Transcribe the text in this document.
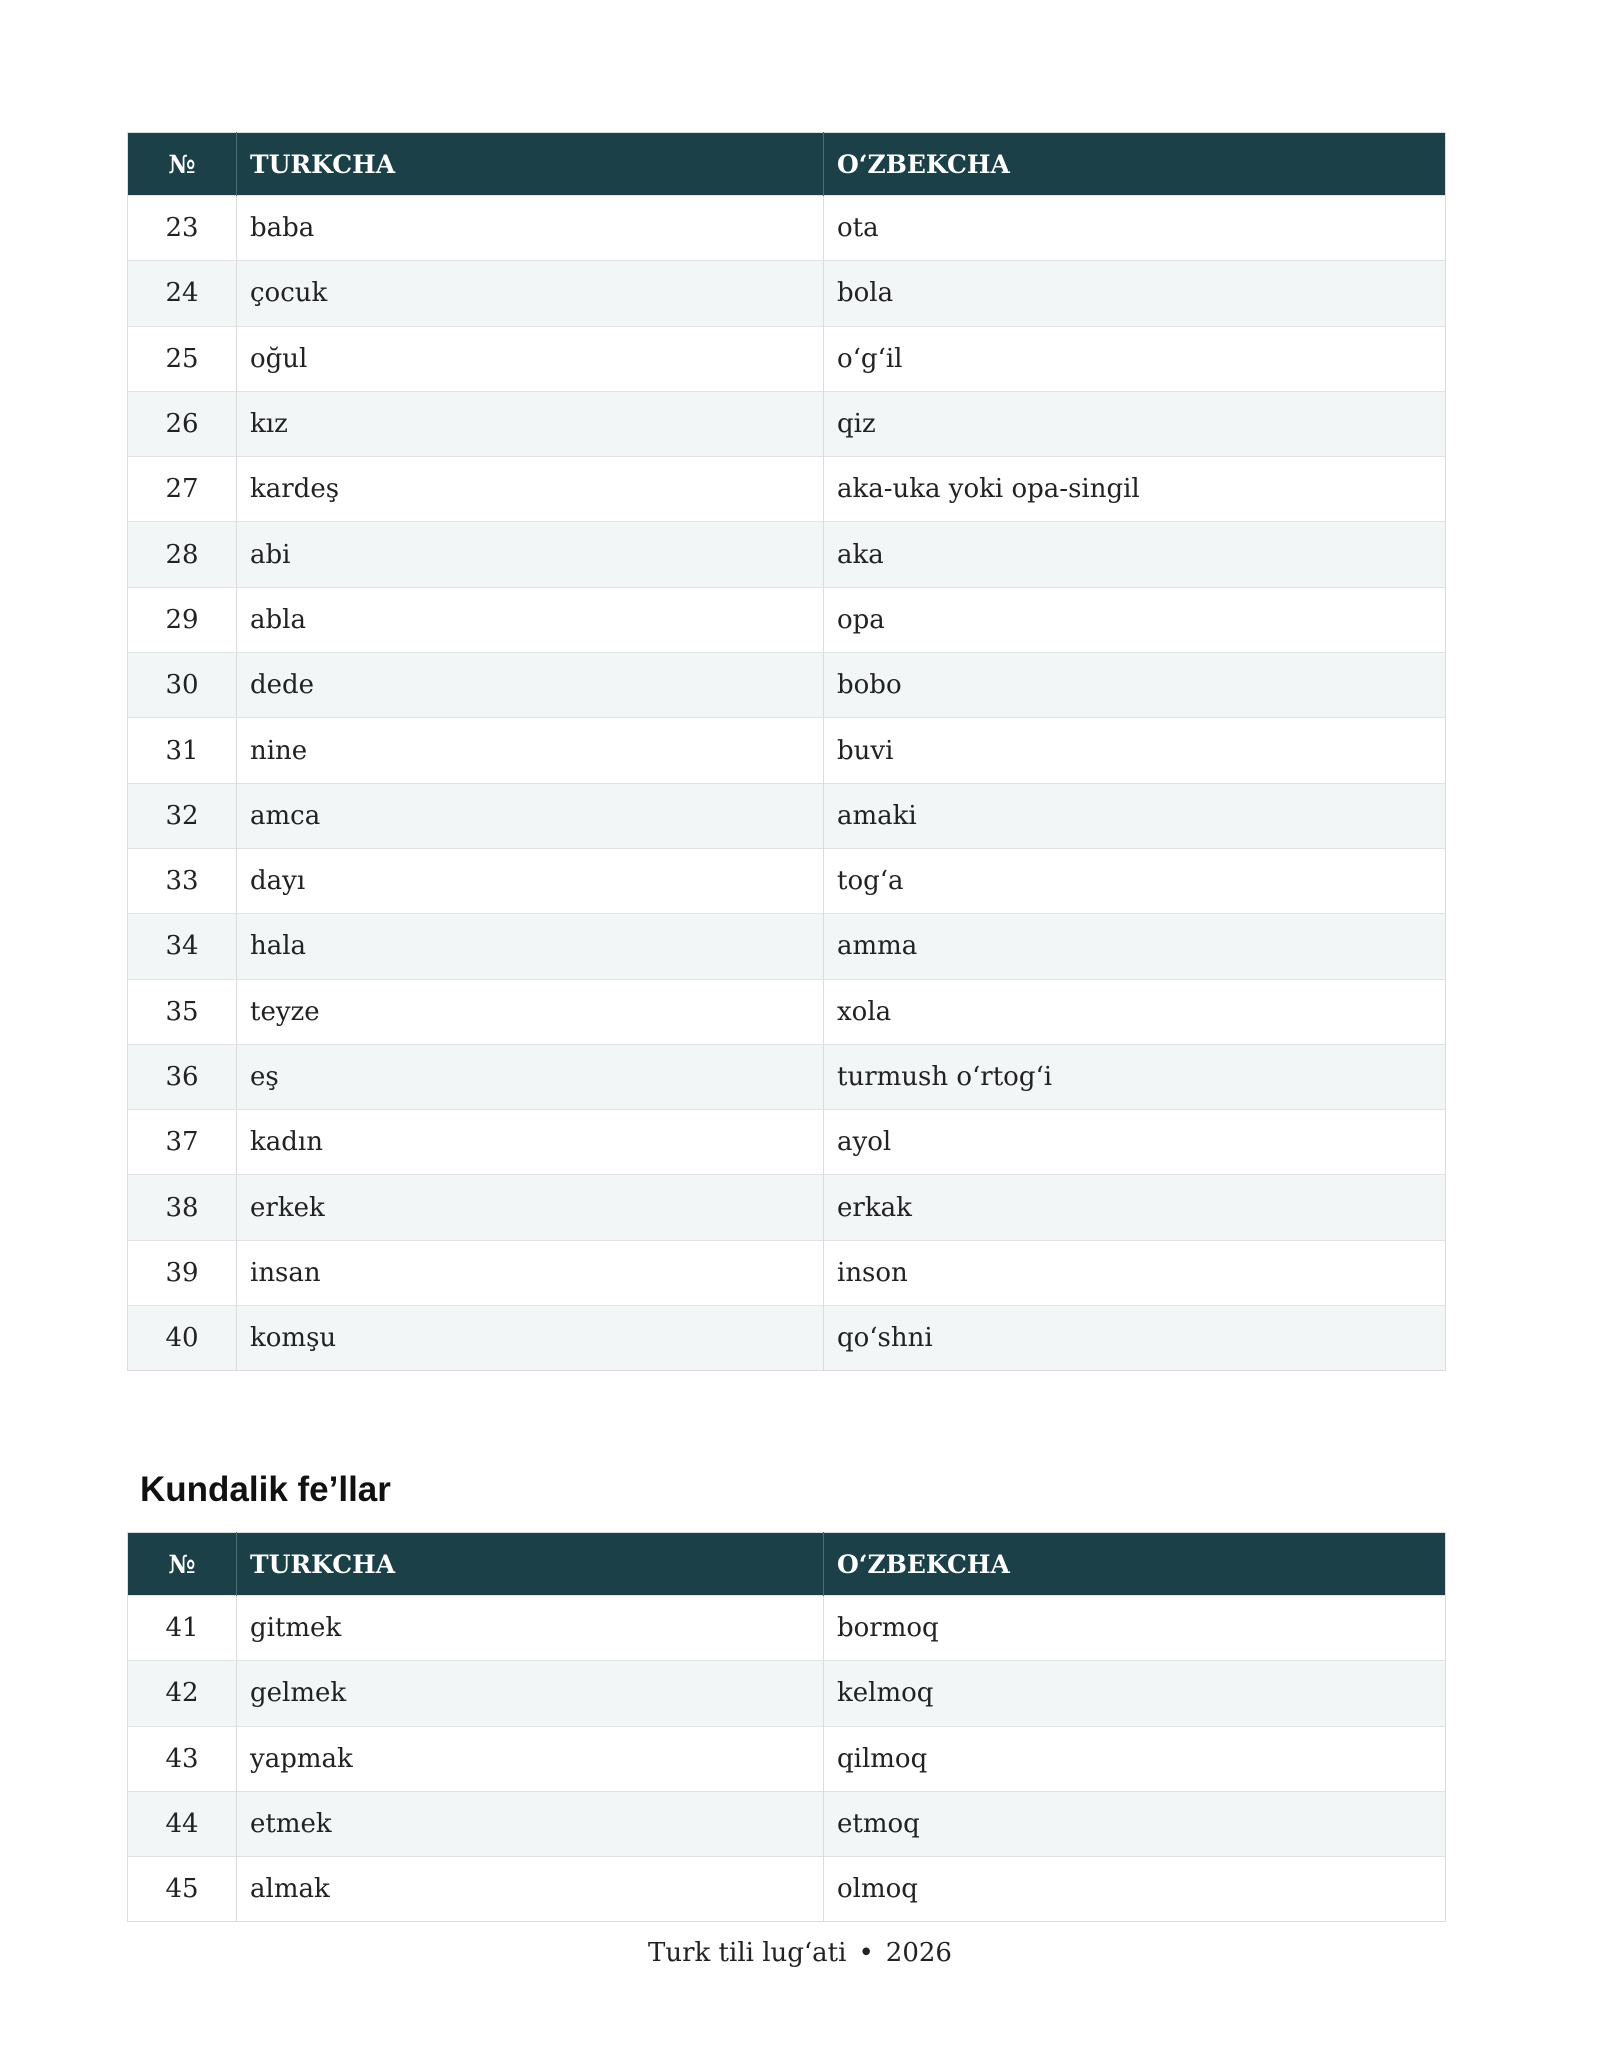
№	TURKCHA	O‘ZBEKCHA
23	baba	ota
24	çocuk	bola
25	oğul	o‘g‘il
26	kız	qiz
27	kardeş	aka-uka yoki opa-singil
28	abi	aka
29	abla	opa
30	dede	bobo
31	nine	buvi
32	amca	amaki
33	dayı	tog‘a
34	hala	amma
35	teyze	xola
36	eş	turmush o‘rtog‘i
37	kadın	ayol
38	erkek	erkak
39	insan	inson
40	komşu	qo‘shni
Kundalik fe’llar
№	TURKCHA	O‘ZBEKCHA
41	gitmek	bormoq
42	gelmek	kelmoq
43	yapmak	qilmoq
44	etmek	etmoq
45	almak	olmoq
Turk tili lug‘ati • 2026
